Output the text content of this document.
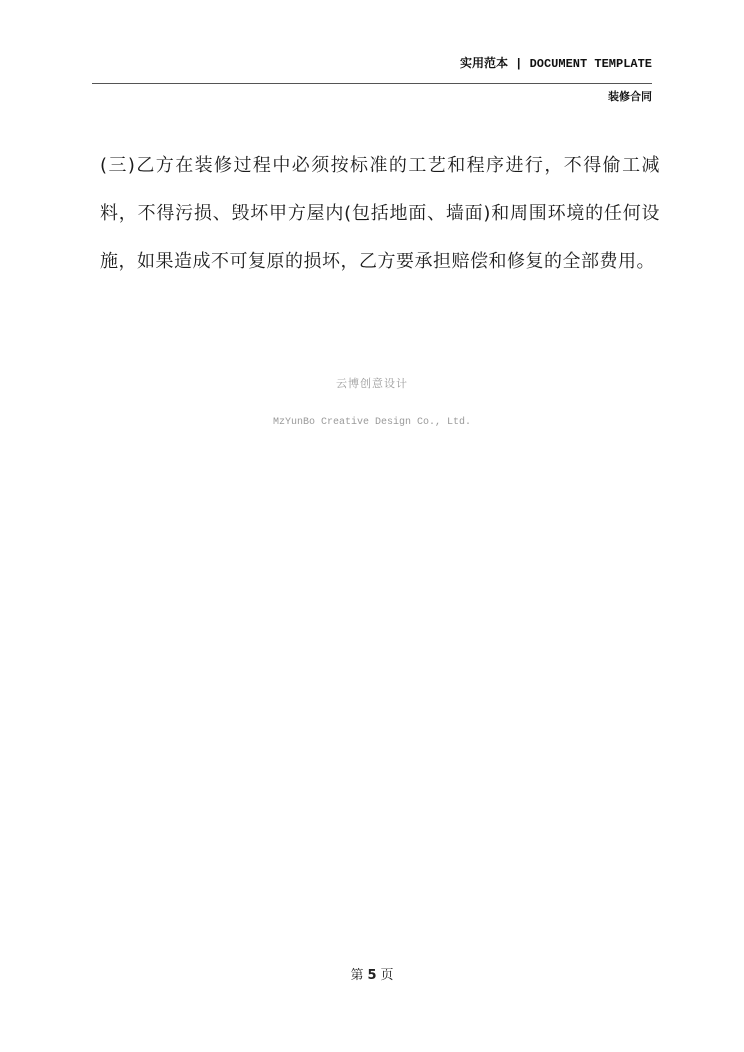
实用范本 | DOCUMENT TEMPLATE
装修合同
(三)乙方在装修过程中必须按标准的工艺和程序进行，不得偷工减料，不得污损、毁坏甲方屋内(包括地面、墙面)和周围环境的任何设施，如果造成不可复原的损坏，乙方要承担赔偿和修复的全部费用。
云博创意设计
MzYunBo Creative Design Co., Ltd.
第 5 页
